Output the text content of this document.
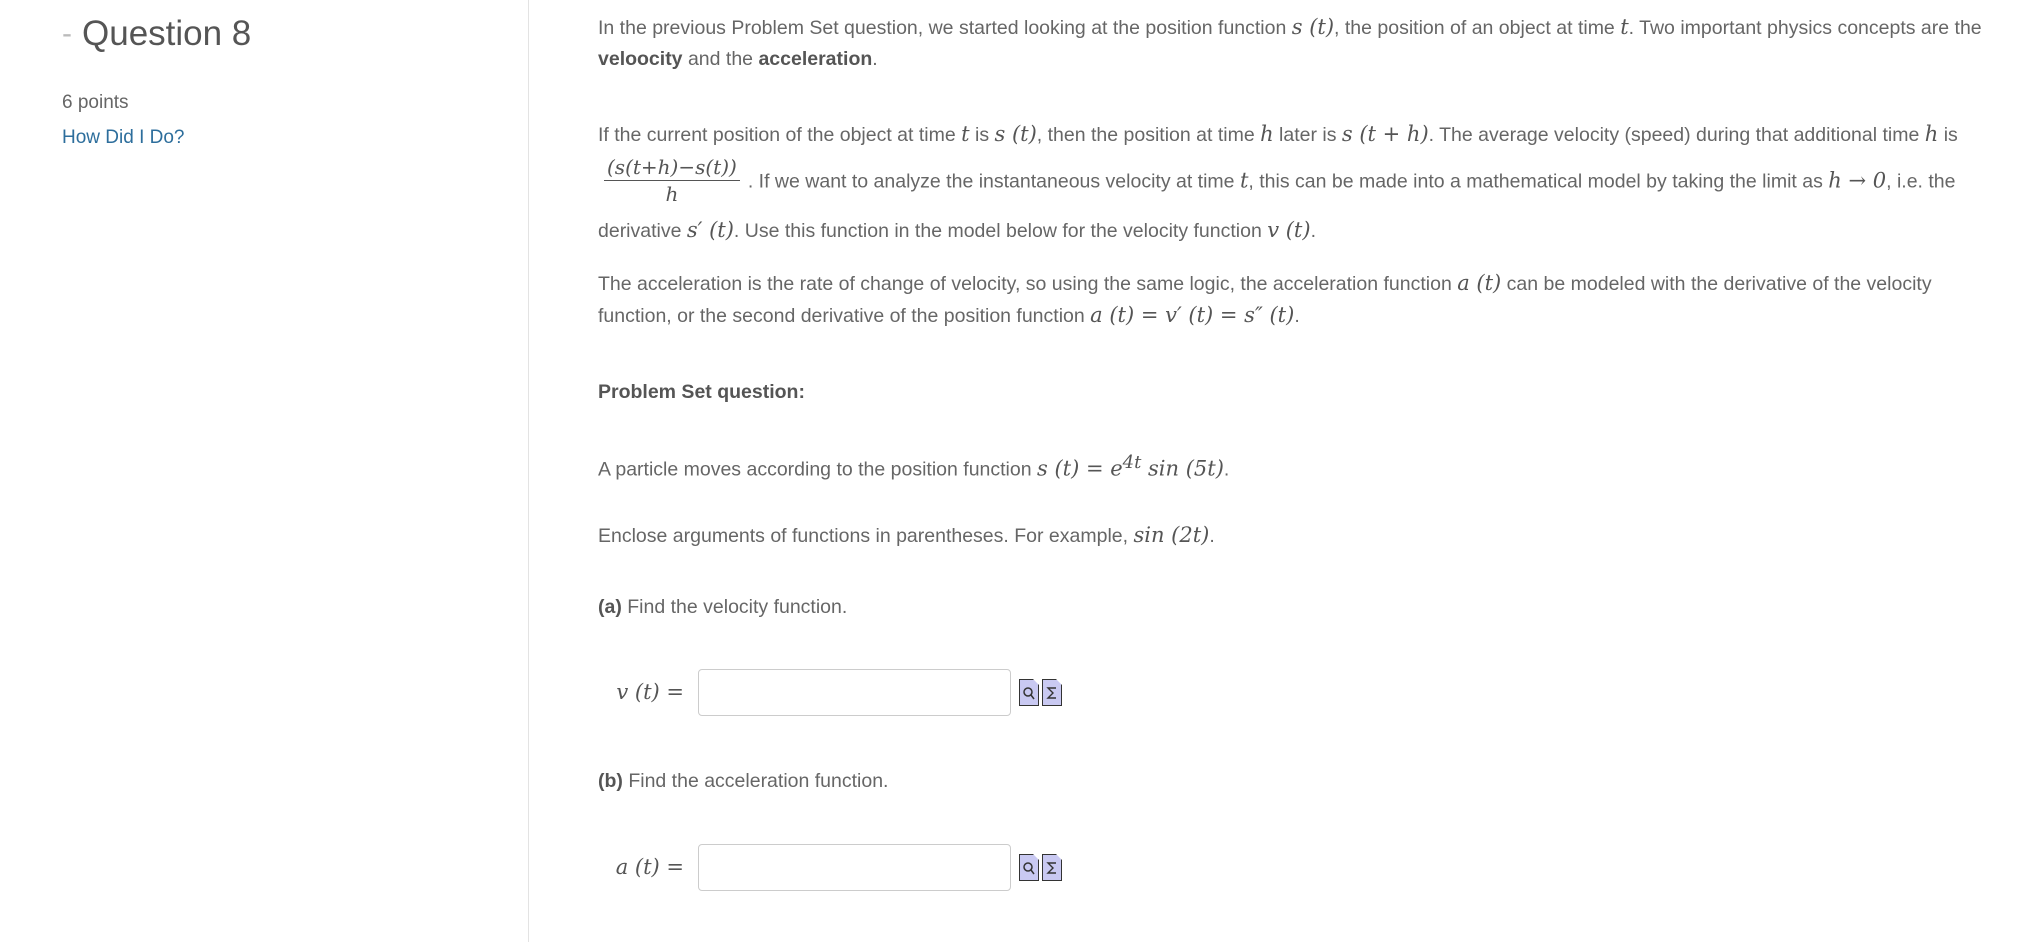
- Question 8
6 points
How Did I Do?
In the previous Problem Set question, we started looking at the position function s (t), the position of an object at time t. Two important physics concepts are the veloocity and the acceleration.
If the current position of the object at time t is s (t), then the position at time h later is s (t + h). The average velocity (speed) during that additional time h is
$\frac{(s(t+h)-s(t))}{h}$ . If we want to analyze the instantaneous velocity at time t, this can be made into a mathematical model by taking the limit as h → 0, i.e. the derivative s′ (t). Use this function in the model below for the velocity function v (t).
The acceleration is the rate of change of velocity, so using the same logic, the acceleration function a (t) can be modeled with the derivative of the velocity function, or the second derivative of the position function a (t) = v′ (t) = s″ (t).
Problem Set question:
A particle moves according to the position function s $(t) = e^{4t}$ sin (5t).
Enclose arguments of functions in parentheses. For example, sin (2t).
(a) Find the velocity function.
v (t) =
(b) Find the acceleration function.
a (t) =
